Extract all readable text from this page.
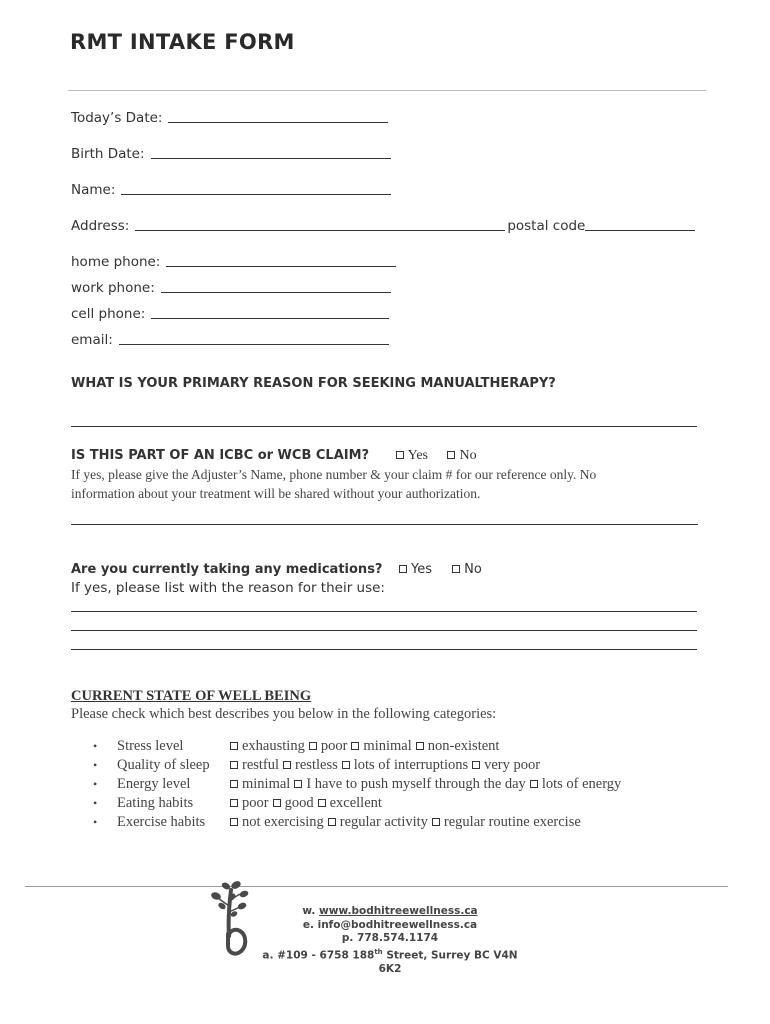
RMT INTAKE FORM
Today’s Date:
Birth Date:
Name:
Address:	postal code
home phone:
work phone:
cell phone:
email:
WHAT IS YOUR PRIMARY REASON FOR SEEKING MANUALTHERAPY?
IS THIS PART OF AN ICBC or WCB CLAIM?	Yes No
If yes, please give the Adjuster’s Name, phone number & your claim # for our reference only. No
information about your treatment will be shared without your authorization.
Are you currently taking any medications? Yes No
If yes, please list with the reason for their use:
CURRENT STATE OF WELL BEING
Please check which best describes you below in the following categories:
•	Stress level	exhausting	poor	minimal	non-existent
•	Quality of sleep	restful	restless	lots of interruptions	very poor
•	Energy level	minimal	I have to push myself through the day	lots of energy
•	Eating habits	poor	good	excellent
•	Exercise habits	not exercising	regular activity	regular routine exercise
w. www.bodhitreewellness.ca
e. info@bodhitreewellness.ca
p. 778.574.1174
a. #109 - 6758 188th Street, Surrey BC V4N 6K2
